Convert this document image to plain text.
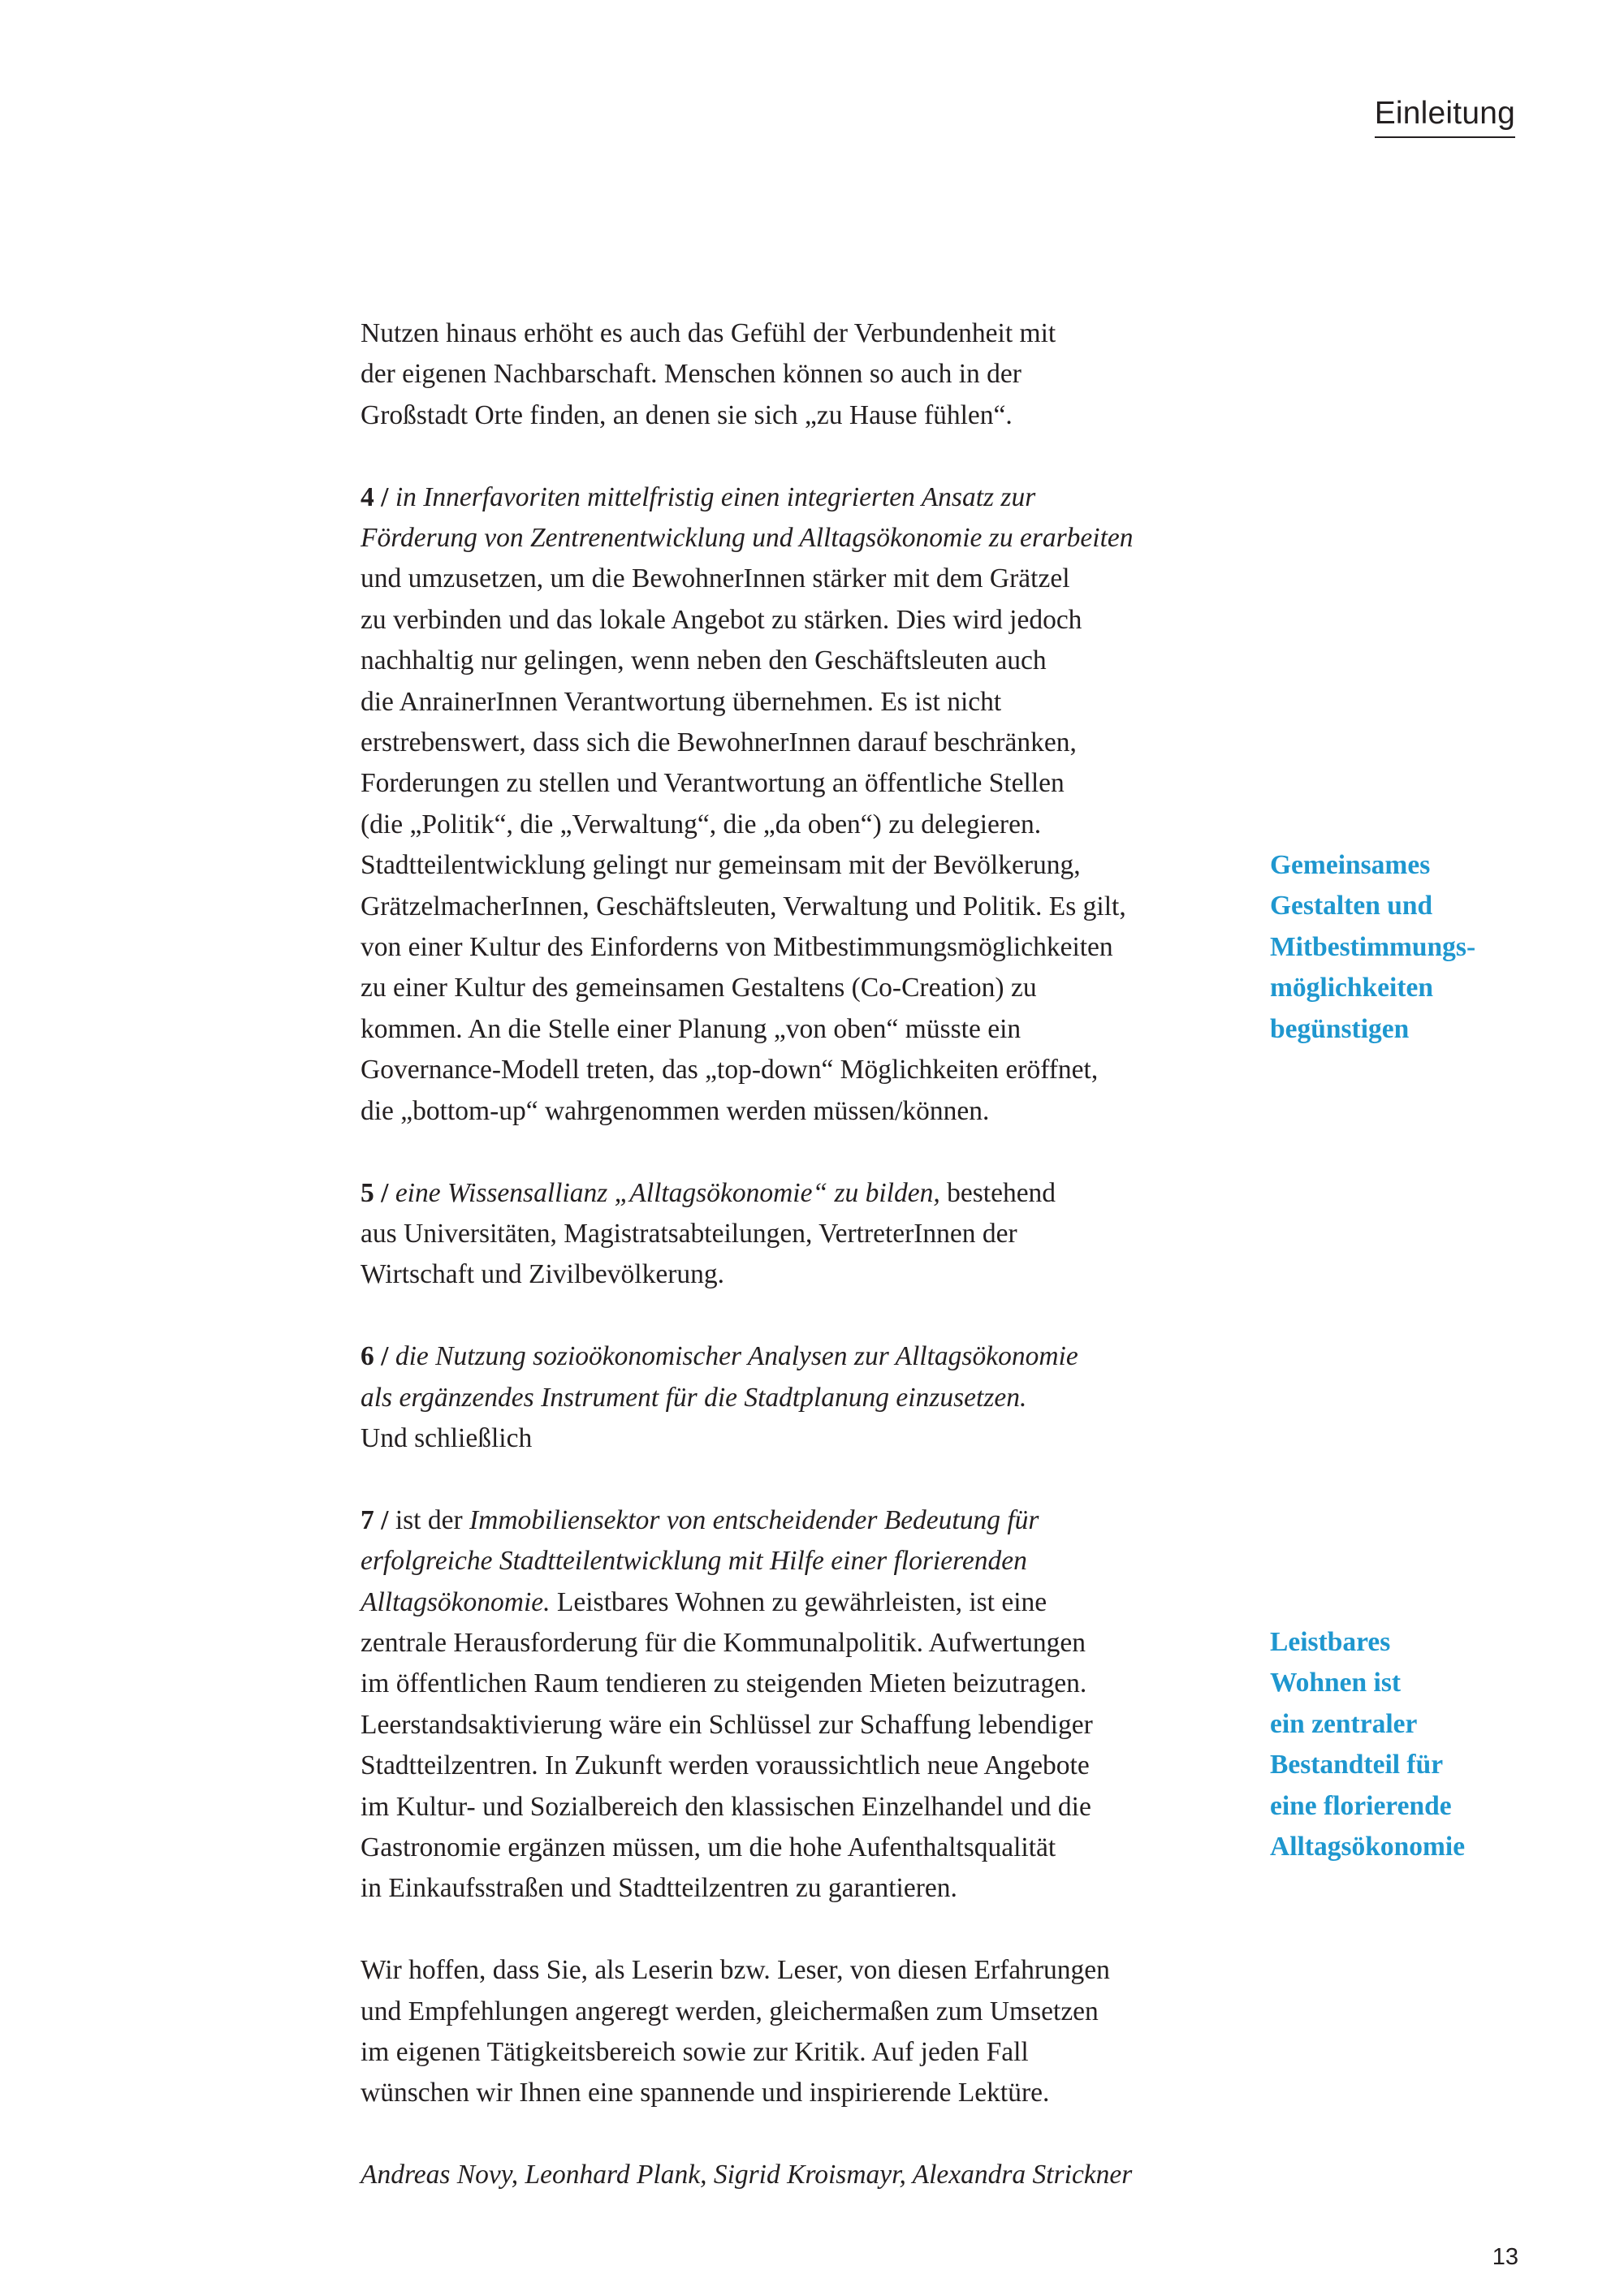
Einleitung

Nutzen hinaus erhöht es auch das Gefühl der Verbundenheit mit
der eigenen Nachbarschaft. Menschen können so auch in der
Großstadt Orte finden, an denen sie sich „zu Hause fühlen“.

4 / in Innerfavoriten mittelfristig einen integrierten Ansatz zur
Förderung von Zentrenentwicklung und Alltagsökonomie zu erarbeiten
und umzusetzen, um die BewohnerInnen stärker mit dem Grätzel
zu verbinden und das lokale Angebot zu stärken. Dies wird jedoch
nachhaltig nur gelingen, wenn neben den Geschäftsleuten auch
die AnrainerInnen Verantwortung übernehmen. Es ist nicht
erstrebenswert, dass sich die BewohnerInnen darauf beschränken,
Forderungen zu stellen und Verantwortung an öffentliche Stellen
(die „Politik“, die „Verwaltung“, die „da oben“) zu delegieren.
Stadtteilentwicklung gelingt nur gemeinsam mit der Bevölkerung,
GrätzelmacherInnen, Geschäftsleuten, Verwaltung und Politik. Es gilt,
von einer Kultur des Einforderns von Mitbestimmungsmöglichkeiten
zu einer Kultur des gemeinsamen Gestaltens (Co-Creation) zu
kommen. An die Stelle einer Planung „von oben“ müsste ein
Governance-Modell treten, das „top-down“ Möglichkeiten eröffnet,
die „bottom-up“ wahrgenommen werden müssen/können.

5 / eine Wissensallianz „Alltagsökonomie“ zu bilden, bestehend
aus Universitäten, Magistratsabteilungen, VertreterInnen der
Wirtschaft und Zivilbevölkerung.

6 / die Nutzung sozioökonomischer Analysen zur Alltagsökonomie
als ergänzendes Instrument für die Stadtplanung einzusetzen.
Und schließlich

7 / ist der Immobiliensektor von entscheidender Bedeutung für
erfolgreiche Stadtteilentwicklung mit Hilfe einer florierenden
Alltagsökonomie. Leistbares Wohnen zu gewährleisten, ist eine
zentrale Herausforderung für die Kommunalpolitik. Aufwertungen
im öffentlichen Raum tendieren zu steigenden Mieten beizutragen.
Leerstandsaktivierung wäre ein Schlüssel zur Schaffung lebendiger
Stadtteilzentren. In Zukunft werden voraussichtlich neue Angebote
im Kultur- und Sozialbereich den klassischen Einzelhandel und die
Gastronomie ergänzen müssen, um die hohe Aufenthaltsqualität
in Einkaufsstraßen und Stadtteilzentren zu garantieren.

Wir hoffen, dass Sie, als Leserin bzw. Leser, von diesen Erfahrungen
und Empfehlungen angeregt werden, gleichermaßen zum Umsetzen
im eigenen Tätigkeitsbereich sowie zur Kritik. Auf jeden Fall
wünschen wir Ihnen eine spannende und inspirierende Lektüre.

Andreas Novy, Leonhard Plank, Sigrid Kroismayr, Alexandra Strickner

Gemeinsames
Gestalten und
Mitbestimmungs-
möglichkeiten
begünstigen
Leistbares
Wohnen ist
ein zentraler
Bestandteil für
eine florierende
Alltagsökonomie
13
